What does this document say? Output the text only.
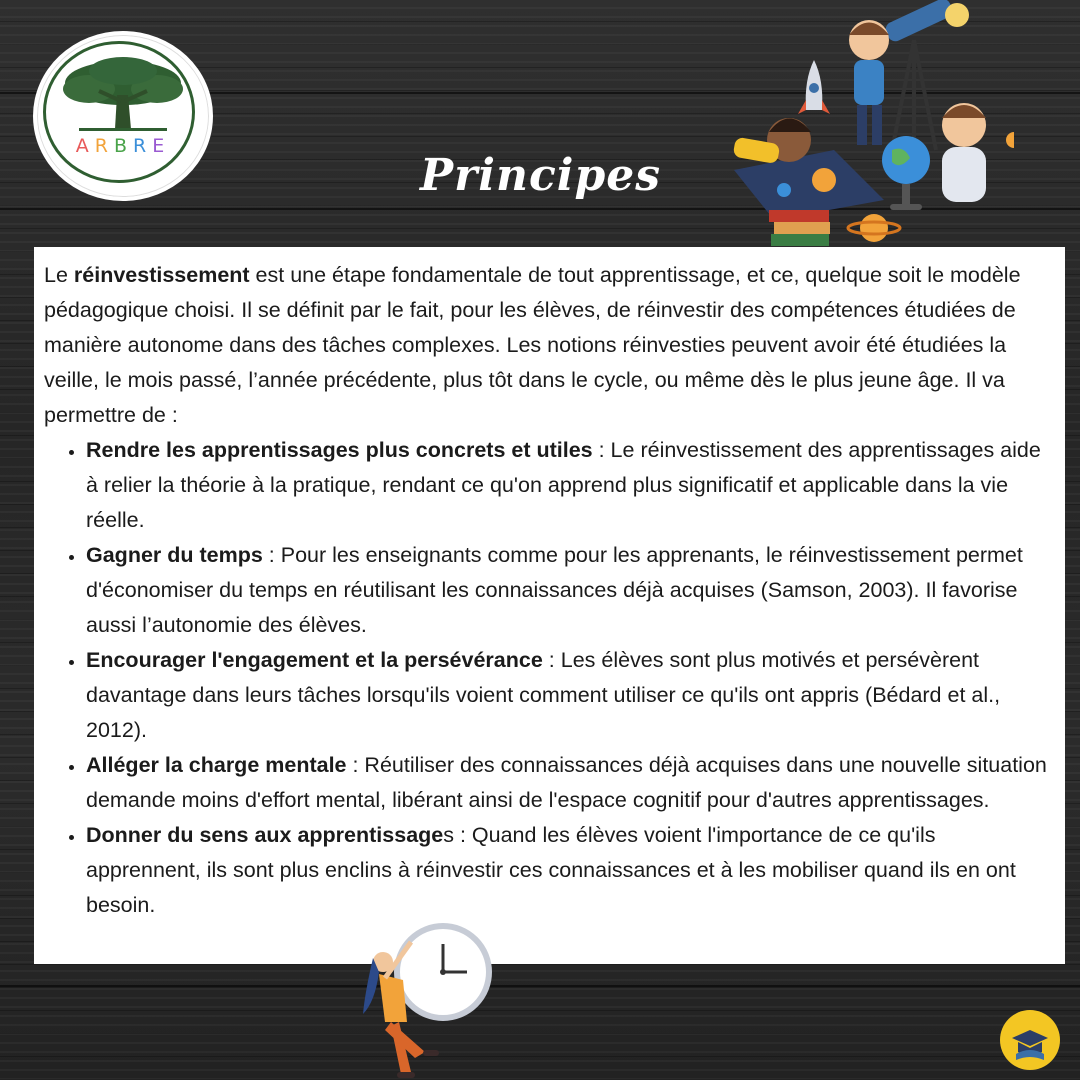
ARBRE
Principes

Le réinvestissement est une étape fondamentale de tout apprentissage, et ce, quelque soit le modèle pédagogique choisi. Il se définit par le fait, pour les élèves, de réinvestir des compétences étudiées de manière autonome dans des tâches complexes. Les notions réinvesties peuvent avoir été étudiées la veille, le mois passé, l’année précédente, plus tôt dans le cycle, ou même dès le plus jeune âge. Il va permettre de :

• Rendre les apprentissages plus concrets et utiles : Le réinvestissement des apprentissages aide à relier la théorie à la pratique, rendant ce qu'on apprend plus significatif et applicable dans la vie réelle.
• Gagner du temps : Pour les enseignants comme pour les apprenants, le réinvestissement permet d'économiser du temps en réutilisant les connaissances déjà acquises (Samson, 2003). Il favorise aussi l’autonomie des élèves.
• Encourager l'engagement et la persévérance : Les élèves sont plus motivés et persévèrent davantage dans leurs tâches lorsqu'ils voient comment utiliser ce qu'ils ont appris (Bédard et al., 2012).
• Alléger la charge mentale : Réutiliser des connaissances déjà acquises dans une nouvelle situation demande moins d'effort mental, libérant ainsi de l'espace cognitif pour d'autres apprentissages.
• Donner du sens aux apprentissages : Quand les élèves voient l'importance de ce qu'ils apprennent, ils sont plus enclins à réinvestir ces connaissances et à les mobiliser quand ils en ont besoin.
